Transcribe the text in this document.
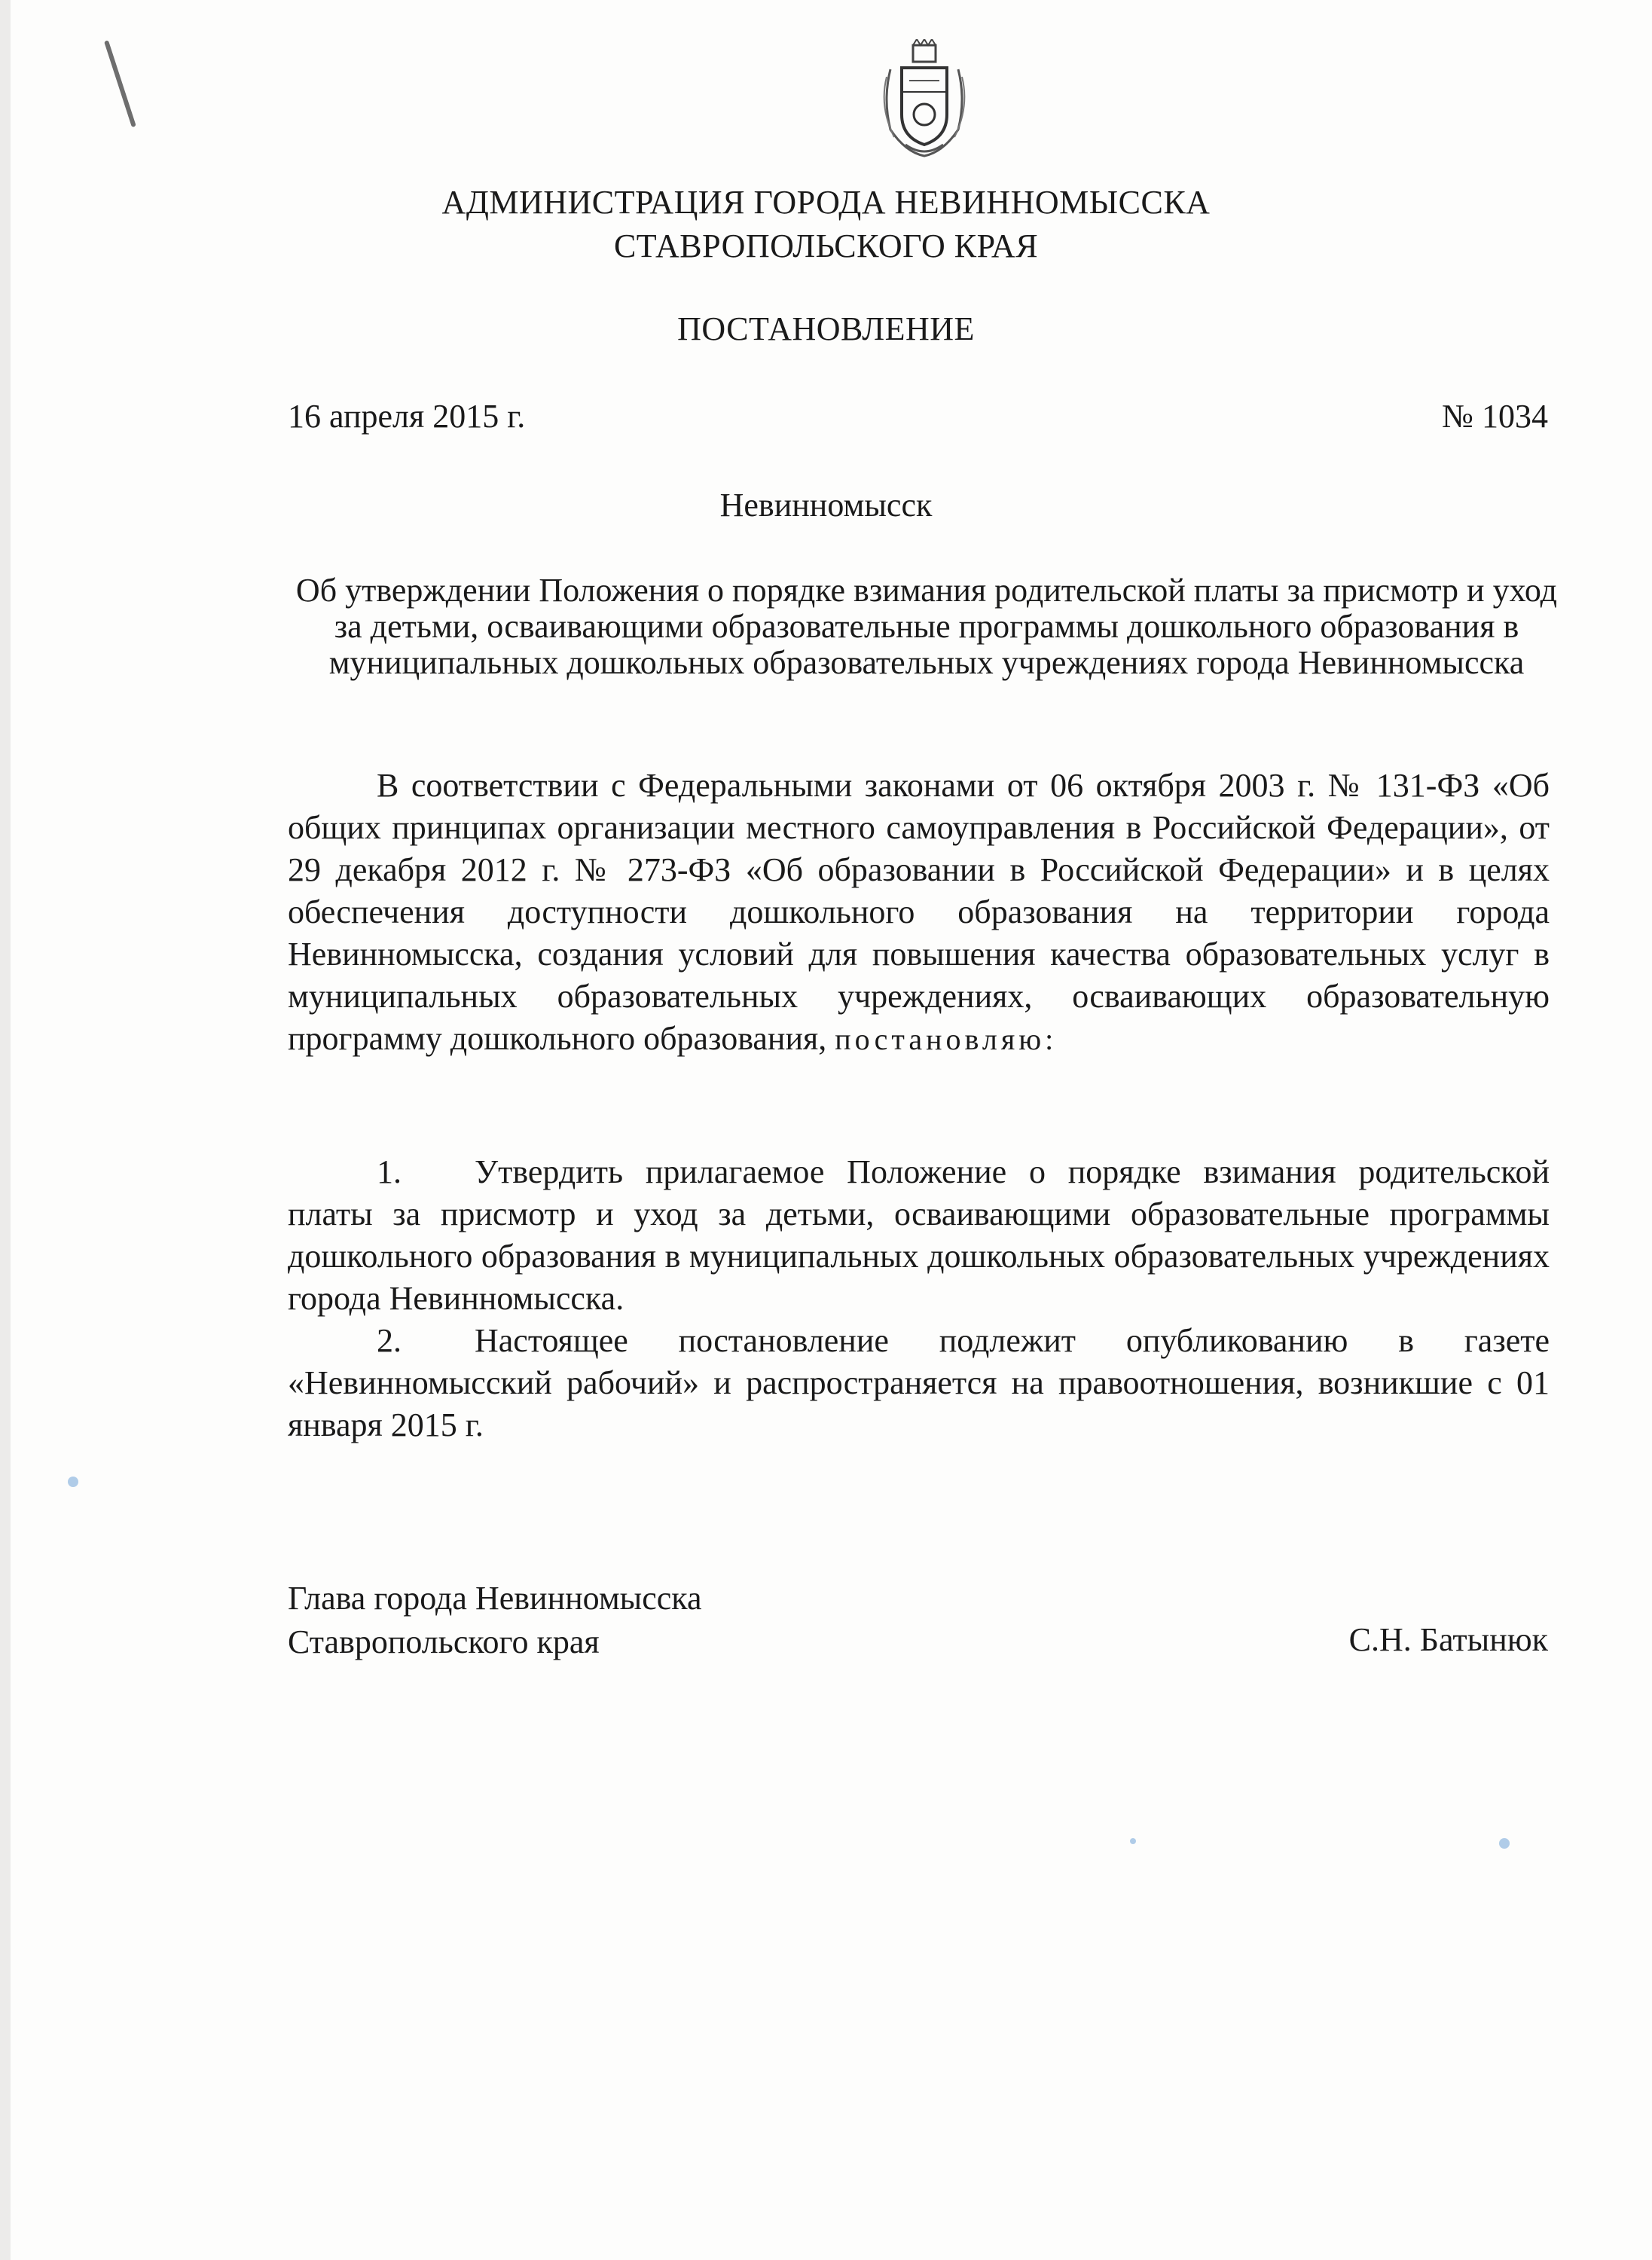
АДМИНИСТРАЦИЯ ГОРОДА НЕВИННОМЫССКА
СТАВРОПОЛЬСКОГО КРАЯ
ПОСТАНОВЛЕНИЕ
16 апреля 2015 г.	№ 1034
Невинномысск
Об утверждении Положения о порядке взимания родительской платы за присмотр и уход за детьми, осваивающими образовательные программы дошкольного образования в муниципальных дошкольных образовательных учреждениях города Невинномысска

В соответствии с Федеральными законами от 06 октября 2003 г. № 131-ФЗ «Об общих принципах организации местного самоуправления в Российской Федерации», от 29 декабря 2012 г. № 273-ФЗ «Об образовании в Российской Федерации» и в целях обеспечения доступности дошкольного образования на территории города Невинномысска, создания условий для повышения качества образовательных услуг в муниципальных образовательных учреждениях, осваивающих образовательную программу дошкольного образования, постановляю:

1. Утвердить прилагаемое Положение о порядке взимания родительской платы за присмотр и уход за детьми, осваивающими образовательные программы дошкольного образования в муниципальных дошкольных образовательных учреждениях города Невинномысска.

2. Настоящее постановление подлежит опубликованию в газете «Невинномысский рабочий» и распространяется на правоотношения, возникшие с 01 января 2015 г.

Глава города Невинномысска
Ставропольского края	С.Н. Батынюк
